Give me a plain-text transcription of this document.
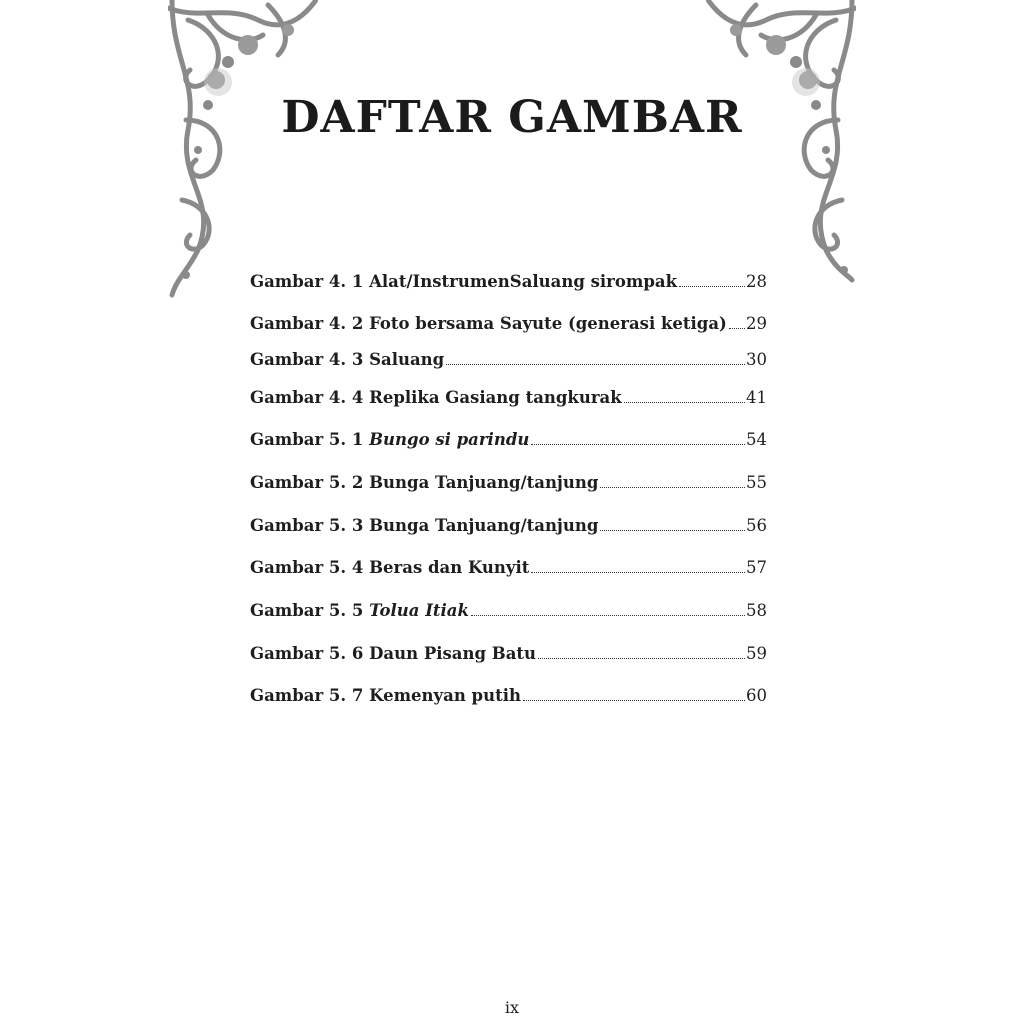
DAFTAR GAMBAR
Gambar 4. 1 Alat/InstrumenSaluang sirompak	28
Gambar 4. 2 Foto bersama Sayute (generasi ketiga) 29
Gambar 4. 3 Saluang	30
Gambar 4. 4 Replika Gasiang tangkurak	41
Gambar 5. 1 Bungo si parindu	54
Gambar 5. 2 Bunga Tanjuang/tanjung	55
Gambar 5. 3 Bunga Tanjuang/tanjung	56
Gambar 5. 4 Beras dan Kunyit	57
Gambar 5. 5 Tolua Itiak	58
Gambar 5. 6 Daun Pisang Batu	59
Gambar 5. 7 Kemenyan putih	60
ix
